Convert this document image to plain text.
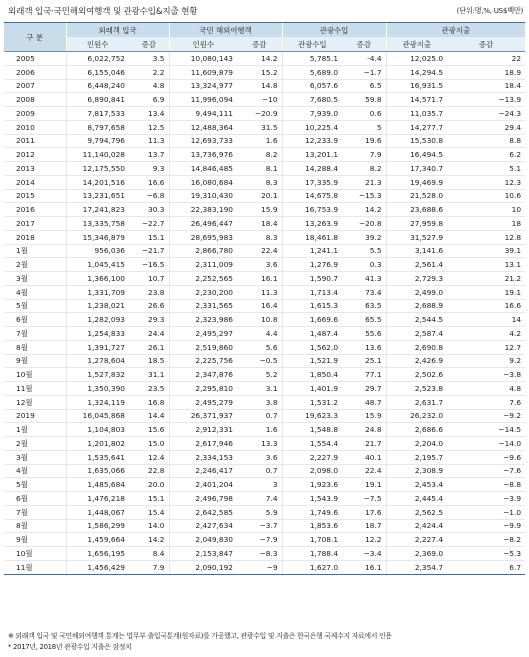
외래객 입국·국민해외여행객 및 관광수입&지출 현황	(단위:명,%, US$백만)
구 분	외래객 입국		국민 해외여행객		관광수입		관광지출	
	인원수	증감	인원수	증감	관광수입	증감	관광지출	증감
2005	6,022,752	3.5	10,080,143	14.2	5,785.1	-4.4	12,025.0	22
2006	6,155,046	2.2	11,609,879	15.2	5,689.0	−1.7	14,294.5	18.9
2007	6,448,240	4.8	13,324,977	14.8	6,057.6	6.5	16,931.5	18.4
2008	6,890,841	6.9	11,996,094	−10	7,680.5	59.8	14,571.7	−13.9
2009	7,817,533	13.4	9,494,111	−20.9	7,939.0	0.6	11,035.7	−24.3
2010	8,797,658	12.5	12,488,364	31.5	10,225.4	5	14,277.7	29.4
2011	9,794,796	11.3	12,693,733	1.6	12,233.9	19.6	15,530.8	8.8
2012	11,140,028	13.7	13,736,976	8.2	13,201.1	7.9	16,494.5	6.2
2013	12,175,550	9.3	14,846,485	8.1	14,288.4	8.2	17,340.7	5.1
2014	14,201,516	16.6	16,080,684	8.3	17,335.9	21.3	19,469.9	12.3
2015	13,231,651	−6.8	19,310,430	20.1	14,675.8	−15.3	21,528.0	10.6
2016	17,241,823	30.3	22,383,190	15.9	16,753.9	14.2	23,688.6	10
2017	13,335,758	−22.7	26,496,447	18.4	13,263.9	−20.8	27,959.8	18
2018	15,346,879	15.1	28,695,983	8.3	18,461.8	39.2	31,527.9	12.8
1월	956,036	−21.7	2,866,780	22.4	1,241.1	5.5	3,141.6	39.1
2월	1,045,415	−16.5	2,311,009	3.6	1,276.9	0.3	2,561.4	13.1
3월	1,366,100	10.7	2,252,565	16.1	1,590.7	41.3	2,729.3	21.2
4월	1,331,709	23.8	2,230,200	11.3	1,713.4	73.4	2,499.0	19.1
5월	1,238,021	26.6	2,331,565	16.4	1,615.3	63.5	2,688.9	16.6
6월	1,282,093	29.3	2,323,986	10.8	1,669.6	65.5	2,544.5	14
7월	1,254,833	24.4	2,495,297	4.4	1,487.4	55.6	2,587.4	4.2
8월	1,391,727	26.1	2,519,860	5.6	1,562.0	13.6	2,690.8	12.7
9월	1,278,604	18.5	2,225,756	−0.5	1,521.9	25.1	2,426.9	9.2
10월	1,527,832	31.1	2,347,876	5.2	1,850.4	77.1	2,502.6	−3.8
11월	1,350,390	23.5	2,295,810	3.1	1,401.9	29.7	2,523.8	4.8
12월	1,324,119	16.8	2,495,279	3.8	1,531.2	48.7	2,631.7	7.6
2019	16,045,868	14.4	26,371,937	0.7	19,623.3	15.9	26,232.0	−9.2
1월	1,104,803	15.6	2,912,331	1.6	1,548.8	24.8	2,686.6	−14.5
2월	1,201,802	15.0	2,617,946	13.3	1,554.4	21.7	2,204.0	−14.0
3월	1,535,641	12.4	2,334,153	3.6	2,227.9	40.1	2,195.7	−9.6
4월	1,635,066	22.8	2,246,417	0.7	2,098.0	22.4	2,308.9	−7.6
5월	1,485,684	20.0	2,401,204	3	1,923.6	19.1	2,453.4	−8.8
6월	1,476,218	15.1	2,496,798	7.4	1,543.9	−7.5	2,445.4	−3.9
7월	1,448,067	15.4	2,642,585	5.9	1,749.6	17.6	2,562.5	−1.0
8월	1,586,299	14.0	2,427,634	−3.7	1,853.6	18.7	2,424.4	−9.9
9월	1,459,664	14.2	2,049,830	−7.9	1,708.1	12.2	2,227.4	−8.2
10월	1,656,195	8.4	2,153,847	−8.3	1,788.4	−3.4	2,369.0	−5.3
11월	1,456,429	7.9	2,090,192	−9	1,627.0	16.1	2,354.7	6.7
※ 외래객 입국 및 국민해외여행객 통계는 법무부 출입국통계(원자료)를 가공했고, 관광수입 및 지출은 한국은행 국제수지 자료에서 인용
* 2017년, 2018년 관광수입 지출은 잠정치
